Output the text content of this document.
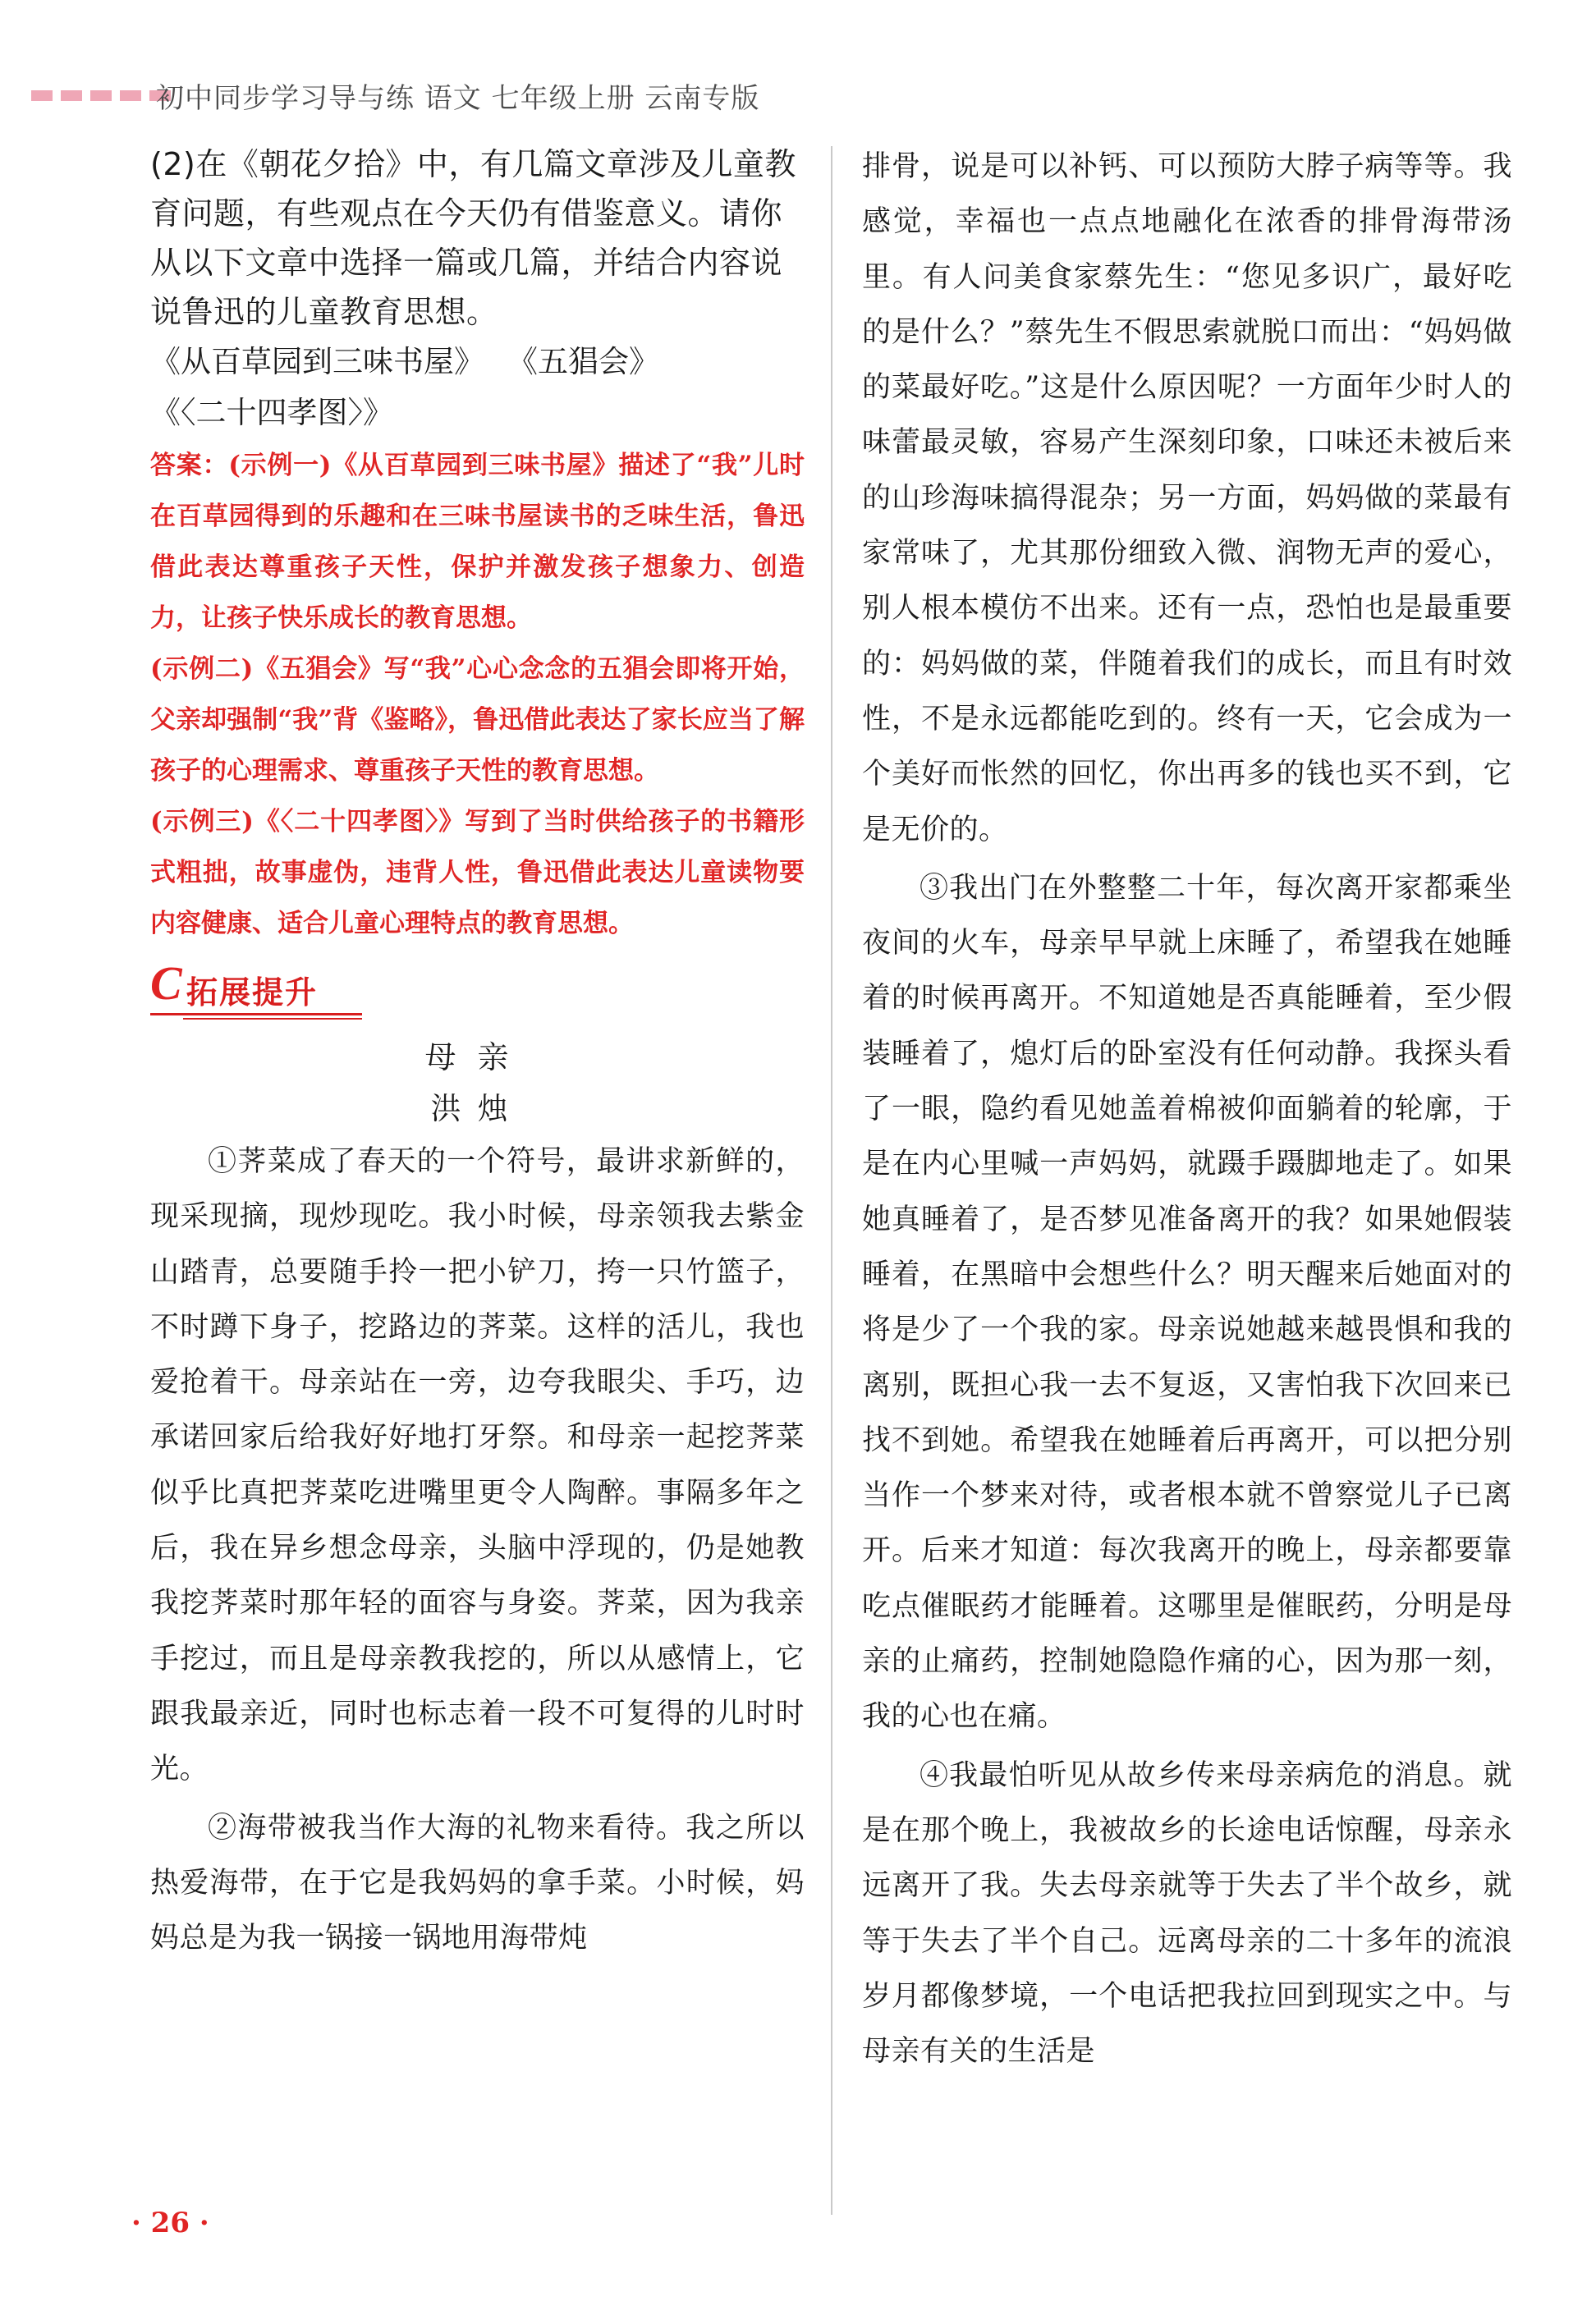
初中同步学习导与练 语文 七年级上册 云南专版

(2)在《朝花夕拾》中，有几篇文章涉及儿童教育问题，有些观点在今天仍有借鉴意义。请你从以下文章中选择一篇或几篇，并结合内容说说鲁迅的儿童教育思想。

《从百草园到三味书屋》 《五猖会》

《〈二十四孝图〉》

答案：(示例一)《从百草园到三味书屋》描述了“我”儿时在百草园得到的乐趣和在三味书屋读书的乏味生活，鲁迅借此表达尊重孩子天性，保护并激发孩子想象力、创造力，让孩子快乐成长的教育思想。

(示例二)《五猖会》写“我”心心念念的五猖会即将开始，父亲却强制“我”背《鉴略》，鲁迅借此表达了家长应当了解孩子的心理需求、尊重孩子天性的教育思想。

(示例三)《〈二十四孝图〉》写到了当时供给孩子的书籍形式粗拙，故事虚伪，违背人性，鲁迅借此表达儿童读物要内容健康、适合儿童心理特点的教育思想。

C 拓展提升
母亲
洪烛

①荠菜成了春天的一个符号，最讲求新鲜的，现采现摘，现炒现吃。我小时候，母亲领我去紫金山踏青，总要随手拎一把小铲刀，挎一只竹篮子，不时蹲下身子，挖路边的荠菜。这样的活儿，我也爱抢着干。母亲站在一旁，边夸我眼尖、手巧，边承诺回家后给我好好地打牙祭。和母亲一起挖荠菜似乎比真把荠菜吃进嘴里更令人陶醉。事隔多年之后，我在异乡想念母亲，头脑中浮现的，仍是她教我挖荠菜时那年轻的面容与身姿。荠菜，因为我亲手挖过，而且是母亲教我挖的，所以从感情上，它跟我最亲近，同时也标志着一段不可复得的儿时时光。

②海带被我当作大海的礼物来看待。我之所以热爱海带，在于它是我妈妈的拿手菜。小时候，妈妈总是为我一锅接一锅地用海带炖

排骨，说是可以补钙、可以预防大脖子病等等。我感觉，幸福也一点点地融化在浓香的排骨海带汤里。有人问美食家蔡先生：“您见多识广，最好吃的是什么？”蔡先生不假思索就脱口而出：“妈妈做的菜最好吃。”这是什么原因呢？一方面年少时人的味蕾最灵敏，容易产生深刻印象，口味还未被后来的山珍海味搞得混杂；另一方面，妈妈做的菜最有家常味了，尤其那份细致入微、润物无声的爱心，别人根本模仿不出来。还有一点，恐怕也是最重要的：妈妈做的菜，伴随着我们的成长，而且有时效性，不是永远都能吃到的。终有一天，它会成为一个美好而怅然的回忆，你出再多的钱也买不到，它是无价的。

③我出门在外整整二十年，每次离开家都乘坐夜间的火车，母亲早早就上床睡了，希望我在她睡着的时候再离开。不知道她是否真能睡着，至少假装睡着了，熄灯后的卧室没有任何动静。我探头看了一眼，隐约看见她盖着棉被仰面躺着的轮廓，于是在内心里喊一声妈妈，就蹑手蹑脚地走了。如果她真睡着了，是否梦见准备离开的我？如果她假装睡着，在黑暗中会想些什么？明天醒来后她面对的将是少了一个我的家。母亲说她越来越畏惧和我的离别，既担心我一去不复返，又害怕我下次回来已找不到她。希望我在她睡着后再离开，可以把分别当作一个梦来对待，或者根本就不曾察觉儿子已离开。后来才知道：每次我离开的晚上，母亲都要靠吃点催眠药才能睡着。这哪里是催眠药，分明是母亲的止痛药，控制她隐隐作痛的心，因为那一刻，我的心也在痛。

④我最怕听见从故乡传来母亲病危的消息。就是在那个晚上，我被故乡的长途电话惊醒，母亲永远离开了我。失去母亲就等于失去了半个故乡，就等于失去了半个自己。远离母亲的二十多年的流浪岁月都像梦境，一个电话把我拉回到现实之中。与母亲有关的生活是

· 26 ·
